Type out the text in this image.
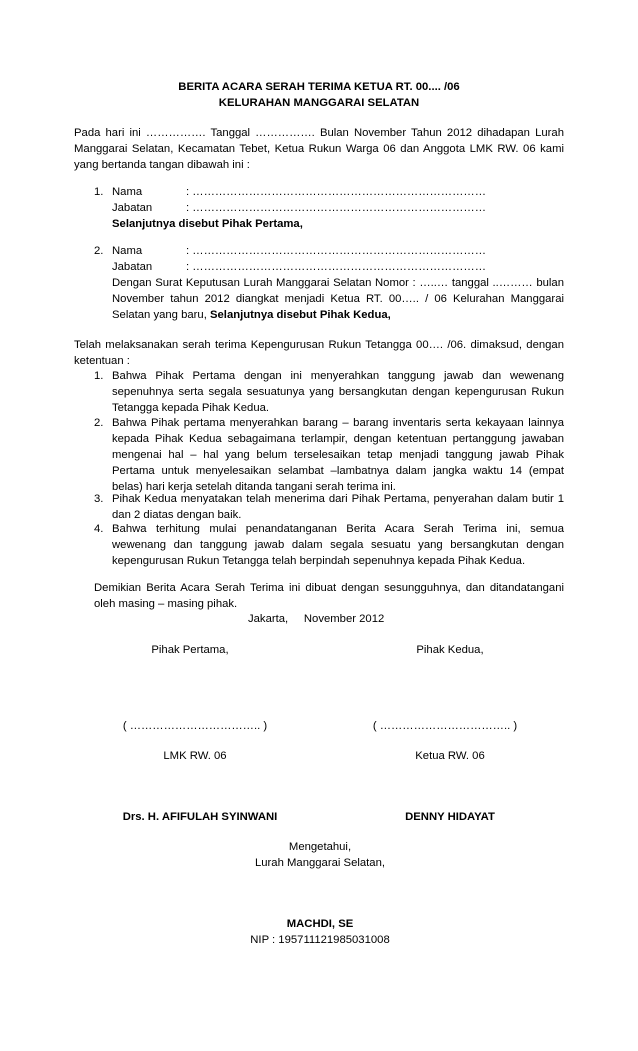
BERITA ACARA SERAH TERIMA KETUA RT. 00.... /06
KELURAHAN MANGGARAI SELATAN
Pada hari ini ……………. Tanggal ……………. Bulan November Tahun 2012 dihadapan Lurah Manggarai Selatan, Kecamatan Tebet, Ketua Rukun Warga 06 dan Anggota LMK RW. 06 kami yang bertanda tangan dibawah ini :
1. Nama	: ……………………………………………………………………
Jabatan	: ……………………………………………………………………
Selanjutnya disebut Pihak Pertama,
2. Nama	: ……………………………………………………………………
Jabatan	: ……………………………………………………………………
Dengan Surat Keputusan Lurah Manggarai Selatan Nomor : …..… tanggal ..……… bulan November tahun 2012 diangkat menjadi Ketua RT. 00….. / 06 Kelurahan Manggarai Selatan yang baru, Selanjutnya disebut Pihak Kedua,
Telah melaksanakan serah terima Kepengurusan Rukun Tetangga 00…. /06. dimaksud, dengan ketentuan :
1. Bahwa Pihak Pertama dengan ini menyerahkan tanggung jawab dan wewenang sepenuhnya serta segala sesuatunya yang bersangkutan dengan kepengurusan Rukun Tetangga kepada Pihak Kedua.
2. Bahwa Pihak pertama menyerahkan barang – barang inventaris serta kekayaan lainnya kepada Pihak Kedua sebagaimana terlampir, dengan ketentuan pertanggung jawaban mengenai hal – hal yang belum terselesaikan tetap menjadi tanggung jawab Pihak Pertama untuk menyelesaikan selambat –lambatnya dalam jangka waktu 14 (empat belas) hari kerja setelah ditanda tangani serah terima ini.
3. Pihak Kedua menyatakan telah menerima dari Pihak Pertama, penyerahan dalam butir 1 dan 2 diatas dengan baik.
4. Bahwa terhitung mulai penandatanganan Berita Acara Serah Terima ini, semua wewenang dan tanggung jawab dalam segala sesuatu yang bersangkutan dengan kepengurusan Rukun Tetangga telah berpindah sepenuhnya kepada Pihak Kedua.
Demikian Berita Acara Serah Terima ini dibuat dengan sesungguhnya, dan ditandatangani oleh masing – masing pihak.
Jakarta,     November 2012
Pihak Pertama,	Pihak Kedua,
( …………………………….. )	( …………………………….. )
LMK RW. 06	Ketua RW. 06
Drs. H. AFIFULAH SYINWANI	DENNY HIDAYAT
Mengetahui,
Lurah Manggarai Selatan,
MACHDI, SE
NIP : 195711121985031008
